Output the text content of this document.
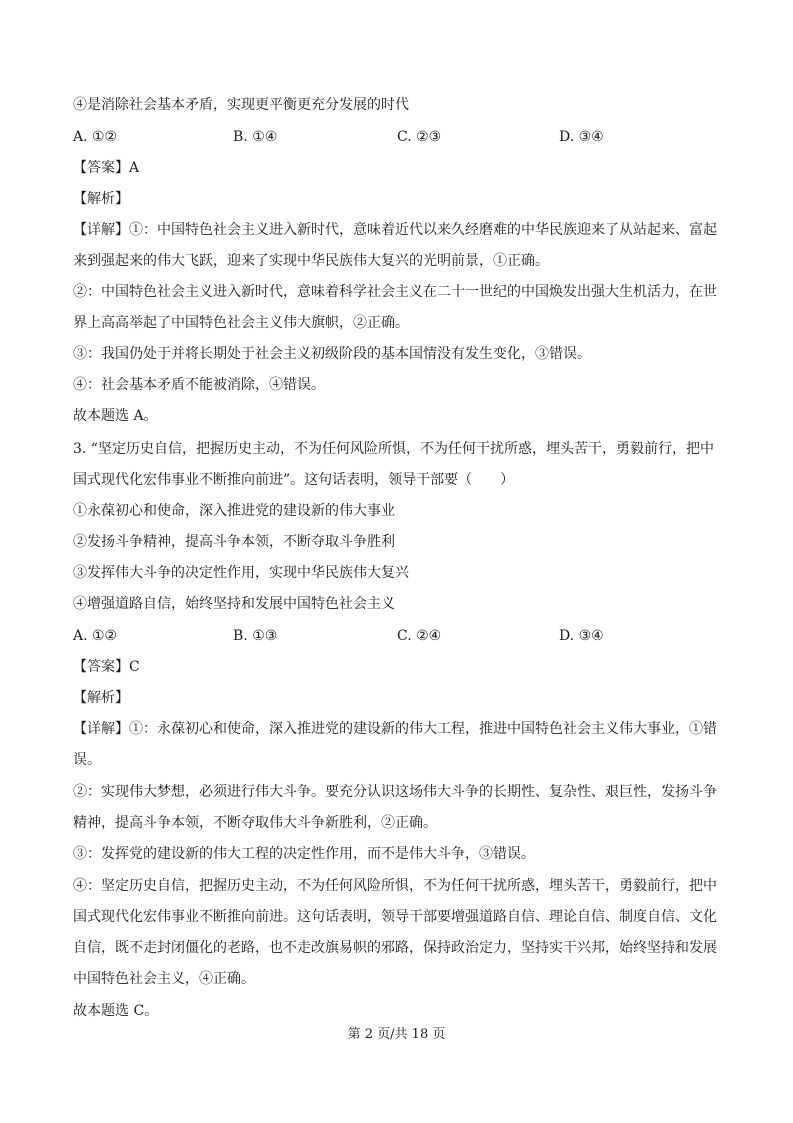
④是消除社会基本矛盾，实现更平衡更充分发展的时代
A. ①②	B. ①④	C. ②③	D. ③④
【答案】A
【解析】
【详解】①：中国特色社会主义进入新时代，意味着近代以来久经磨难的中华民族迎来了从站起来、富起
来到强起来的伟大飞跃，迎来了实现中华民族伟大复兴的光明前景，①正确。
②：中国特色社会主义进入新时代，意味着科学社会主义在二十一世纪的中国焕发出强大生机活力，在世
界上高高举起了中国特色社会主义伟大旗帜，②正确。
③：我国仍处于并将长期处于社会主义初级阶段的基本国情没有发生变化，③错误。
④：社会基本矛盾不能被消除，④错误。
故本题选 A。
3. “坚定历史自信，把握历史主动，不为任何风险所惧，不为任何干扰所惑，埋头苦干，勇毅前行，把中
国式现代化宏伟事业不断推向前进”。这句话表明，领导干部要（　　）
①永葆初心和使命，深入推进党的建设新的伟大事业
②发扬斗争精神，提高斗争本领，不断夺取斗争胜利
③发挥伟大斗争的决定性作用，实现中华民族伟大复兴
④增强道路自信，始终坚持和发展中国特色社会主义
A. ①②	B. ①③	C. ②④	D. ③④
【答案】C
【解析】
【详解】①：永葆初心和使命，深入推进党的建设新的伟大工程，推进中国特色社会主义伟大事业，①错
误。
②：实现伟大梦想，必须进行伟大斗争。要充分认识这场伟大斗争的长期性、复杂性、艰巨性，发扬斗争
精神，提高斗争本领，不断夺取伟大斗争新胜利，②正确。
③：发挥党的建设新的伟大工程的决定性作用，而不是伟大斗争，③错误。
④：坚定历史自信，把握历史主动，不为任何风险所惧，不为任何干扰所惑，埋头苦干，勇毅前行，把中
国式现代化宏伟事业不断推向前进。这句话表明，领导干部要增强道路自信、理论自信、制度自信、文化
自信，既不走封闭僵化的老路，也不走改旗易帜的邪路，保持政治定力，坚持实干兴邦，始终坚持和发展
中国特色社会主义，④正确。
故本题选 C。
第 2 页/共 18 页
